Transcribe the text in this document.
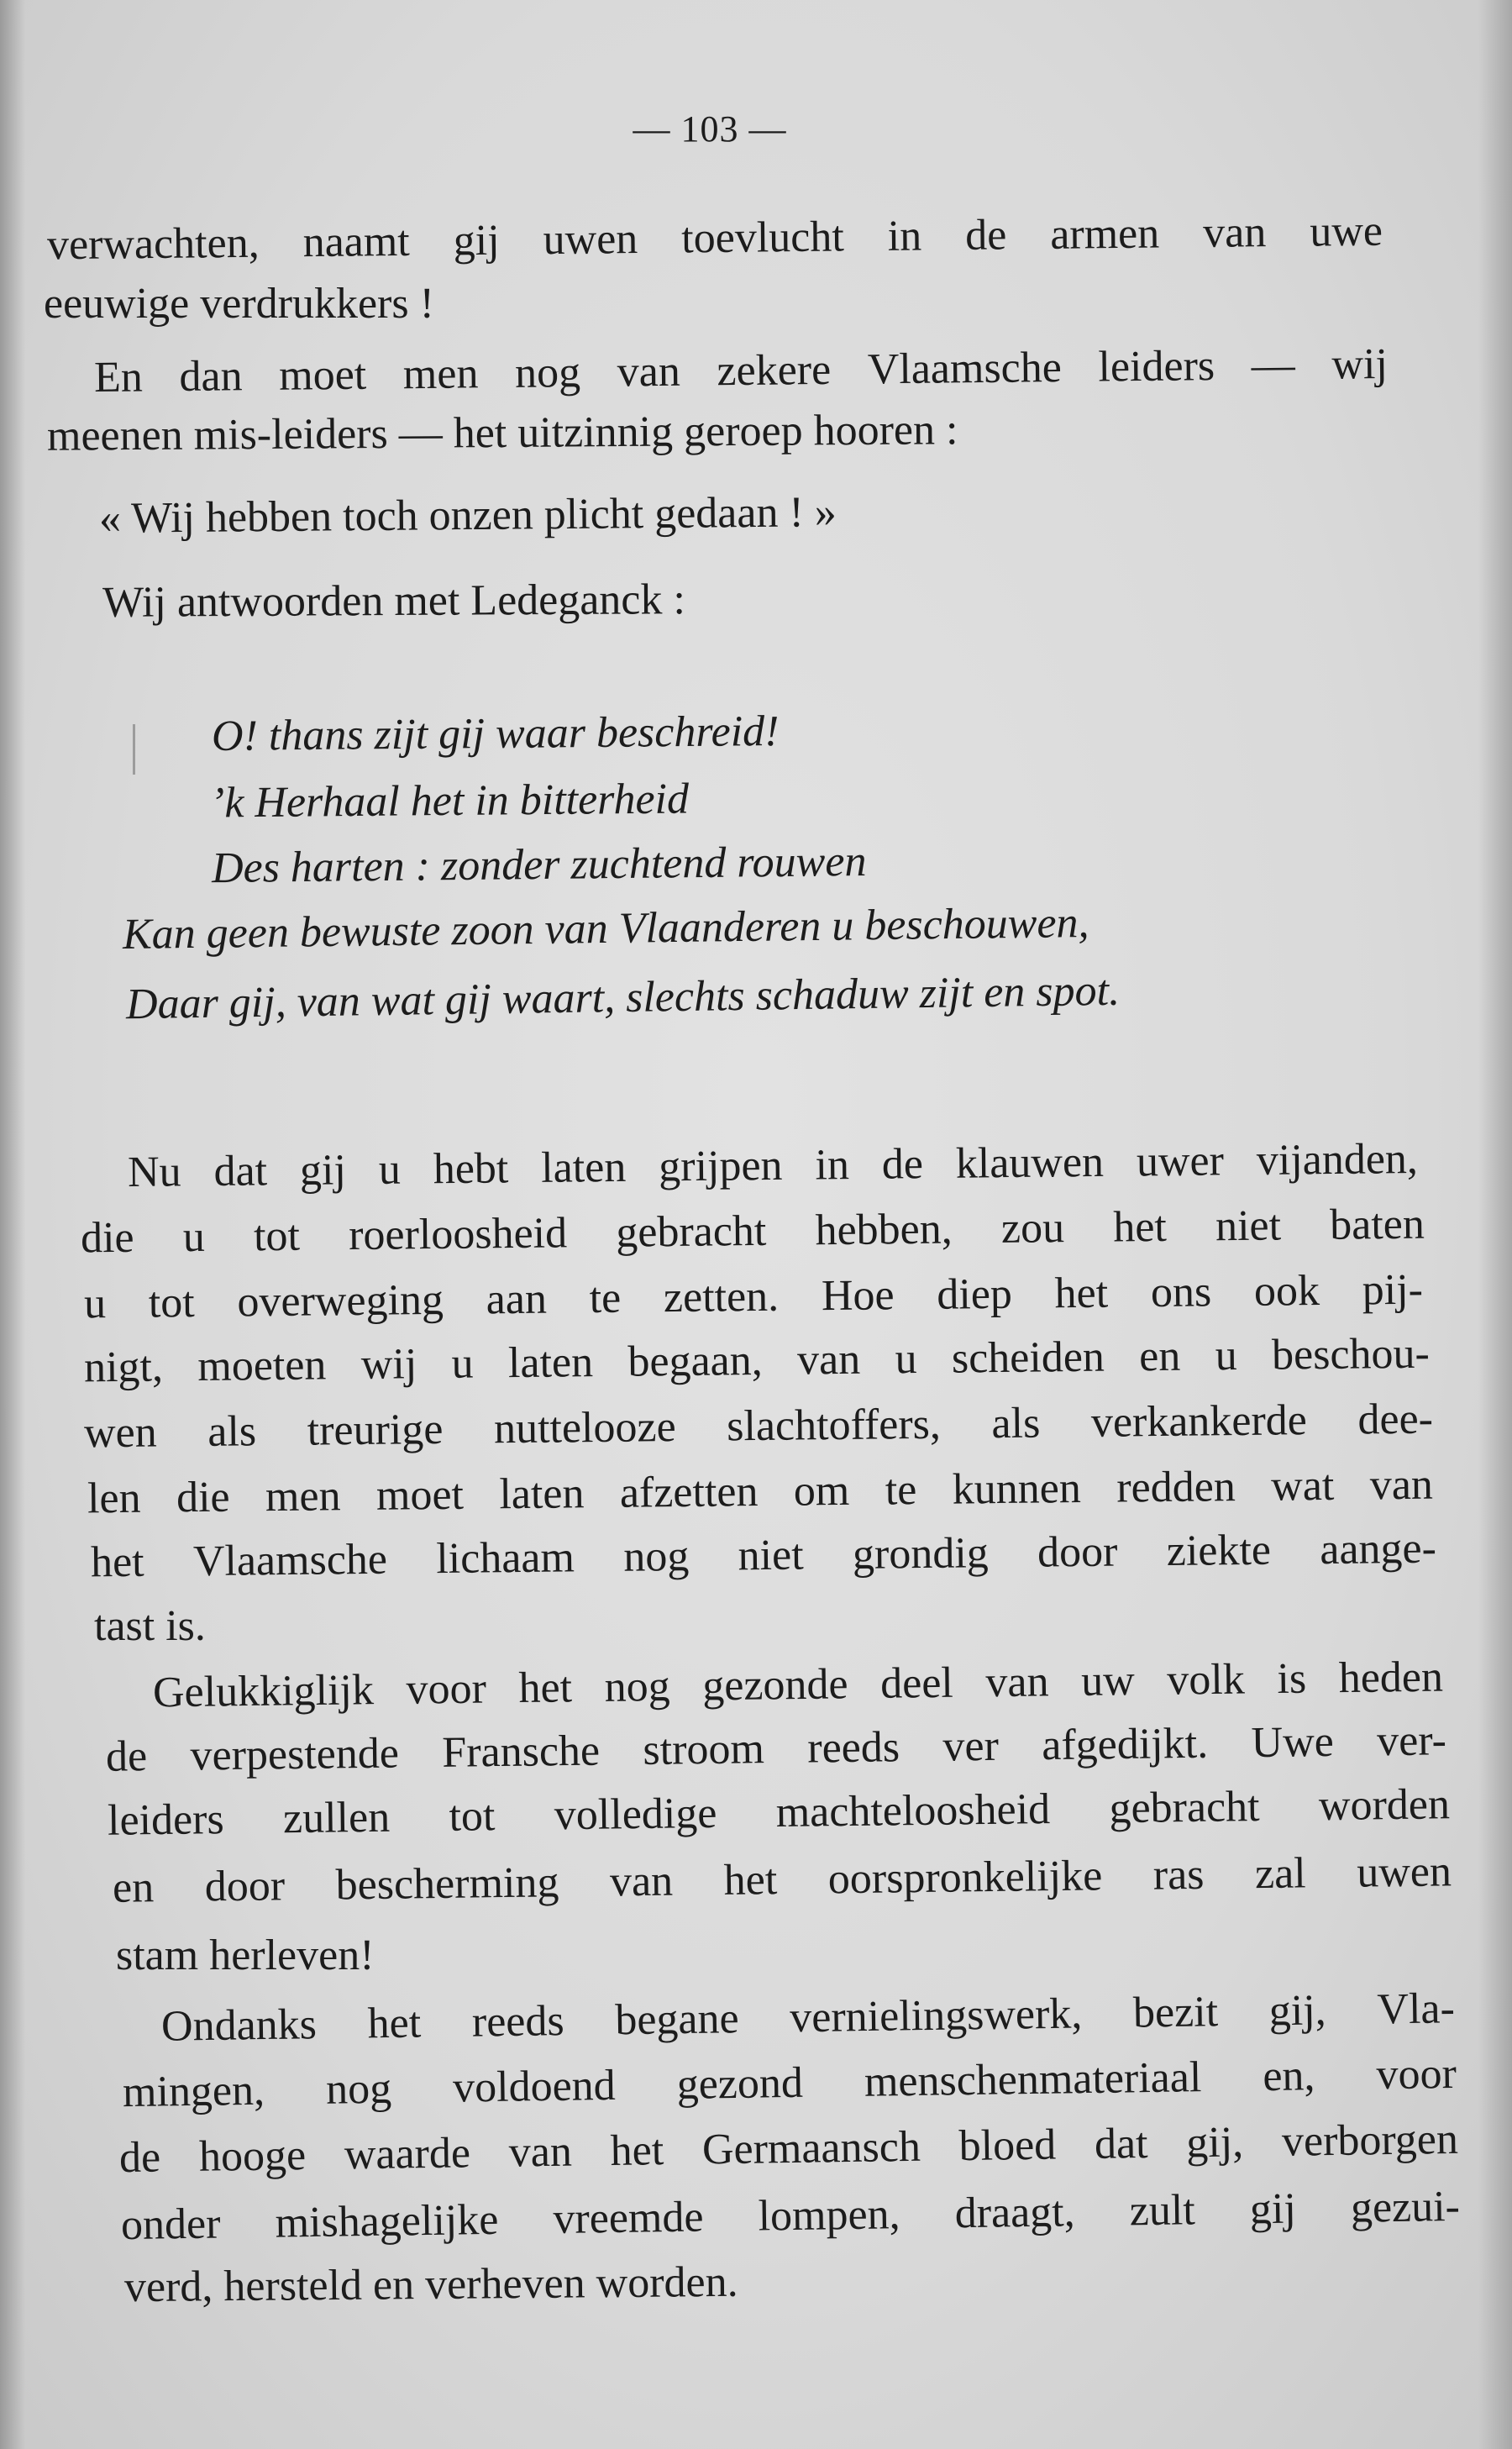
— 103 —
verwachten, naamt gij uwen toevlucht in de armen van uwe
eeuwige verdrukkers !
En dan moet men nog van zekere Vlaamsche leiders — wij
meenen mis-leiders — het uitzinnig geroep hooren :
« Wij hebben toch onzen plicht gedaan ! »
Wij antwoorden met Ledeganck :
O! thans zijt gij waar beschreid!
’k Herhaal het in bitterheid
Des harten : zonder zuchtend rouwen
Kan geen bewuste zoon van Vlaanderen u beschouwen,
Daar gij, van wat gij waart, slechts schaduw zijt en spot.
Nu dat gij u hebt laten grijpen in de klauwen uwer vijanden,
die u tot roerloosheid gebracht hebben, zou het niet baten
u tot overweging aan te zetten. Hoe diep het ons ook pij-
nigt, moeten wij u laten begaan, van u scheiden en u beschou-
wen als treurige nuttelooze slachtoffers, als verkankerde dee-
len die men moet laten afzetten om te kunnen redden wat van
het Vlaamsche lichaam nog niet grondig door ziekte aange-
tast is.
Gelukkiglijk voor het nog gezonde deel van uw volk is heden
de verpestende Fransche stroom reeds ver afgedijkt. Uwe ver-
leiders zullen tot volledige machteloosheid gebracht worden
en door bescherming van het oorspronkelijke ras zal uwen
stam herleven!
Ondanks het reeds begane vernielingswerk, bezit gij, Vla-
mingen, nog voldoend gezond menschenmateriaal en, voor
de hooge waarde van het Germaansch bloed dat gij, verborgen
onder mishagelijke vreemde lompen, draagt, zult gij gezui-
verd, hersteld en verheven worden.
